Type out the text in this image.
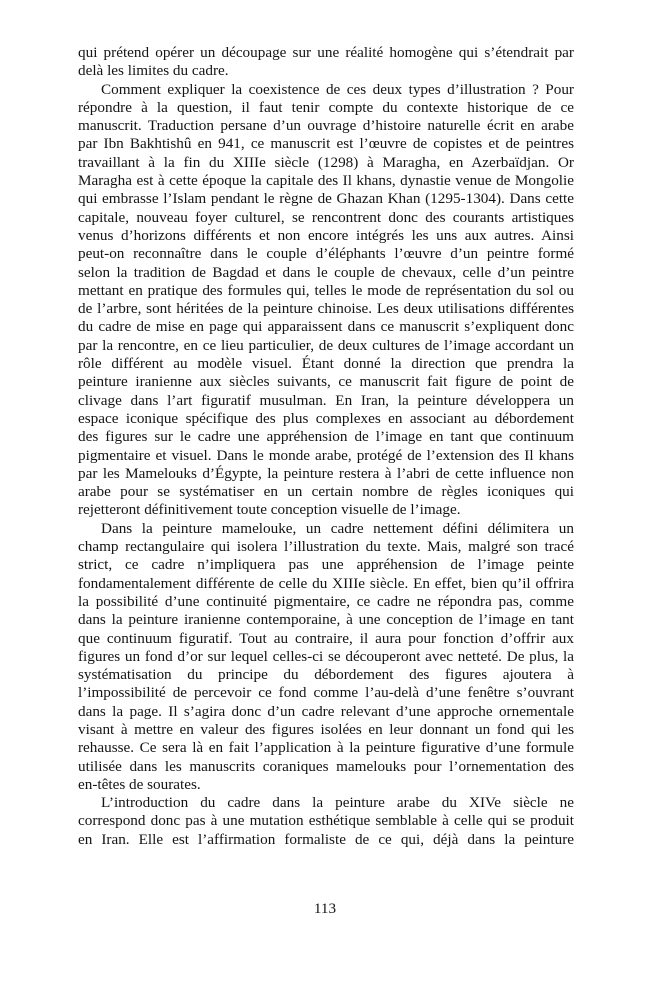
qui prétend opérer un découpage sur une réalité homogène qui s’étendrait par
delà les limites du cadre.
Comment expliquer la coexistence de ces deux types d’illustration ? Pour
répondre à la question, il faut tenir compte du contexte historique de ce
manuscrit. Traduction persane d’un ouvrage d’histoire naturelle écrit en arabe
par Ibn Bakhtishû en 941, ce manuscrit est l’œuvre de copistes et de peintres
travaillant à la fin du XIIIe siècle (1298) à Maragha, en Azerbaïdjan. Or
Maragha est à cette époque la capitale des Il khans, dynastie venue de Mongolie
qui embrasse l’Islam pendant le règne de Ghazan Khan (1295-1304). Dans cette
capitale, nouveau foyer culturel, se rencontrent donc des courants artistiques
venus d’horizons différents et non encore intégrés les uns aux autres. Ainsi
peut-on reconnaître dans le couple d’éléphants l’œuvre d’un peintre formé
selon la tradition de Bagdad et dans le couple de chevaux, celle d’un peintre
mettant en pratique des formules qui, telles le mode de représentation du sol ou
de l’arbre, sont héritées de la peinture chinoise. Les deux utilisations différentes
du cadre de mise en page qui apparaissent dans ce manuscrit s’expliquent donc
par la rencontre, en ce lieu particulier, de deux cultures de l’image accordant un
rôle différent au modèle visuel. Étant donné la direction que prendra la
peinture iranienne aux siècles suivants, ce manuscrit fait figure de point de
clivage dans l’art figuratif musulman. En Iran, la peinture développera un
espace iconique spécifique des plus complexes en associant au débordement
des figures sur le cadre une appréhension de l’image en tant que continuum
pigmentaire et visuel. Dans le monde arabe, protégé de l’extension des Il khans
par les Mamelouks d’Égypte, la peinture restera à l’abri de cette influence non
arabe pour se systématiser en un certain nombre de règles iconiques qui
rejetteront définitivement toute conception visuelle de l’image.
Dans la peinture mamelouke, un cadre nettement défini délimitera un
champ rectangulaire qui isolera l’illustration du texte. Mais, malgré son tracé
strict, ce cadre n’impliquera pas une appréhension de l’image peinte
fondamentalement différente de celle du XIIIe siècle. En effet, bien qu’il offrira
la possibilité d’une continuité pigmentaire, ce cadre ne répondra pas, comme
dans la peinture iranienne contemporaine, à une conception de l’image en tant
que continuum figuratif. Tout au contraire, il aura pour fonction d’offrir aux
figures un fond d’or sur lequel celles-ci se découperont avec netteté. De plus, la
systématisation du principe du débordement des figures ajoutera à
l’impossibilité de percevoir ce fond comme l’au-delà d’une fenêtre s’ouvrant
dans la page. Il s’agira donc d’un cadre relevant d’une approche ornementale
visant à mettre en valeur des figures isolées en leur donnant un fond qui les
rehausse. Ce sera là en fait l’application à la peinture figurative d’une formule
utilisée dans les manuscrits coraniques mamelouks pour l’ornementation des
en-têtes de sourates.
L’introduction du cadre dans la peinture arabe du XIVe siècle ne
correspond donc pas à une mutation esthétique semblable à celle qui se produit
en Iran. Elle est l’affirmation formaliste de ce qui, déjà dans la peinture
113
